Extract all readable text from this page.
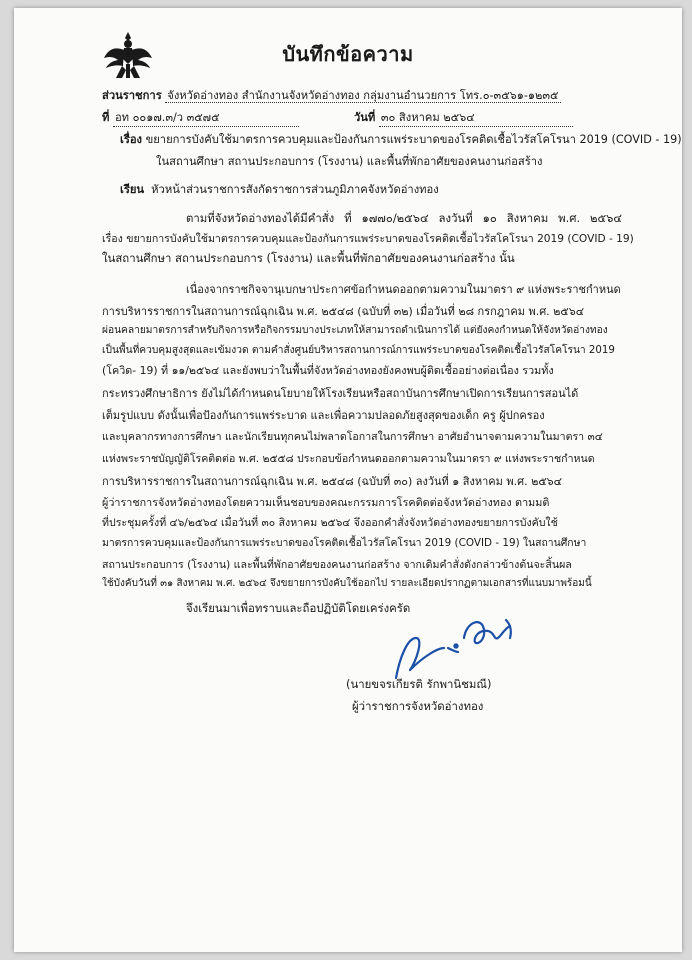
บันทึกข้อความ
ส่วนราชการ จังหวัดอ่างทอง สำนักงานจังหวัดอ่างทอง กลุ่มงานอำนวยการ โทร.๐-๓๕๖๑-๑๒๓๕
ที่ อท ๐๐๑๗.๓/ว ๓๕๗๕	วันที่ ๓๐ สิงหาคม ๒๕๖๔
เรื่อง ขยายการบังคับใช้มาตรการควบคุมและป้องกันการแพร่ระบาดของโรคติดเชื้อไวรัสโคโรนา 2019 (COVID - 19)
ในสถานศึกษา สถานประกอบการ (โรงงาน) และพื้นที่พักอาศัยของคนงานก่อสร้าง
เรียน หัวหน้าส่วนราชการสังกัดราชการส่วนภูมิภาคจังหวัดอ่างทอง
ตามที่จังหวัดอ่างทองได้มีคำสั่ง ที่ ๑๗๗๐/๒๕๖๔ ลงวันที่ ๑๐ สิงหาคม พ.ศ. ๒๕๖๔
เรื่อง ขยายการบังคับใช้มาตรการควบคุมและป้องกันการแพร่ระบาดของโรคติดเชื้อไวรัสโคโรนา 2019 (COVID - 19)
ในสถานศึกษา สถานประกอบการ (โรงงาน) และพื้นที่พักอาศัยของคนงานก่อสร้าง นั้น
เนื่องจากราชกิจจานุเบกษาประกาศข้อกำหนดออกตามความในมาตรา ๙ แห่งพระราชกำหนด
การบริหารราชการในสถานการณ์ฉุกเฉิน พ.ศ. ๒๕๔๘ (ฉบับที่ ๓๒) เมื่อวันที่ ๒๘ กรกฎาคม พ.ศ. ๒๕๖๔
ผ่อนคลายมาตรการสำหรับกิจการหรือกิจกรรมบางประเภทให้สามารถดำเนินการได้ แต่ยังคงกำหนดให้จังหวัดอ่างทอง
เป็นพื้นที่ควบคุมสูงสุดและเข้มงวด ตามคำสั่งศูนย์บริหารสถานการณ์การแพร่ระบาดของโรคติดเชื้อไวรัสโคโรนา 2019
(โควิด- 19) ที่ ๑๑/๒๕๖๔ และยังพบว่าในพื้นที่จังหวัดอ่างทองยังคงพบผู้ติดเชื้ออย่างต่อเนื่อง รวมทั้ง
กระทรวงศึกษาธิการ ยังไม่ได้กำหนดนโยบายให้โรงเรียนหรือสถาบันการศึกษาเปิดการเรียนการสอนได้
เต็มรูปแบบ ดังนั้นเพื่อป้องกันการแพร่ระบาด และเพื่อความปลอดภัยสูงสุดของเด็ก ครู ผู้ปกครอง
และบุคลากรทางการศึกษา และนักเรียนทุกคนไม่พลาดโอกาสในการศึกษา อาศัยอำนาจตามความในมาตรา ๓๔
แห่งพระราชบัญญัติโรคติดต่อ พ.ศ. ๒๕๕๘ ประกอบข้อกำหนดออกตามความในมาตรา ๙ แห่งพระราชกำหนด
การบริหารราชการในสถานการณ์ฉุกเฉิน พ.ศ. ๒๕๔๘ (ฉบับที่ ๓๐) ลงวันที่ ๑ สิงหาคม พ.ศ. ๒๕๖๔
ผู้ว่าราชการจังหวัดอ่างทองโดยความเห็นชอบของคณะกรรมการโรคติดต่อจังหวัดอ่างทอง ตามมติ
ที่ประชุมครั้งที่ ๔๖/๒๕๖๔ เมื่อวันที่ ๓๐ สิงหาคม ๒๕๖๔ จึงออกคำสั่งจังหวัดอ่างทองขยายการบังคับใช้
มาตรการควบคุมและป้องกันการแพร่ระบาดของโรคติดเชื้อไวรัสโคโรนา 2019 (COVID - 19) ในสถานศึกษา
สถานประกอบการ (โรงงาน) และพื้นที่พักอาศัยของคนงานก่อสร้าง จากเดิมคำสั่งดังกล่าวข้างต้นจะสิ้นผล
ใช้บังคับวันที่ ๓๑ สิงหาคม พ.ศ. ๒๕๖๔ จึงขยายการบังคับใช้ออกไป รายละเอียดปรากฏตามเอกสารที่แนบมาพร้อมนี้
จึงเรียนมาเพื่อทราบและถือปฏิบัติโดยเคร่งครัด
(นายขจรเกียรติ รักพานิชมณี)
ผู้ว่าราชการจังหวัดอ่างทอง
